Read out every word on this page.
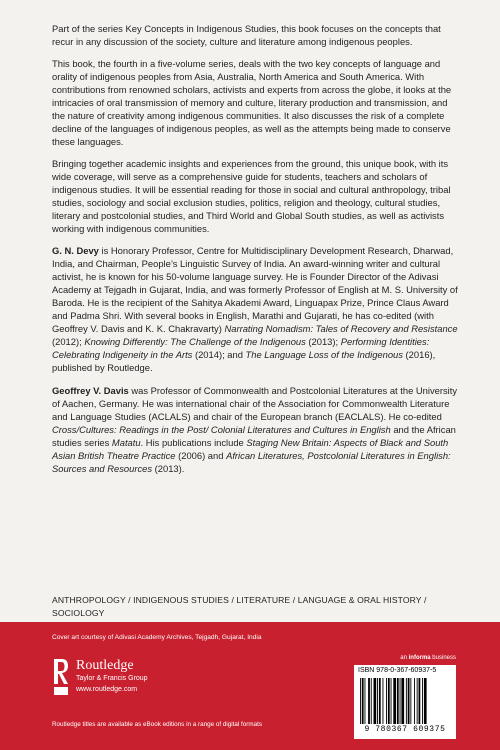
Part of the series Key Concepts in Indigenous Studies, this book focuses on the concepts that recur in any discussion of the society, culture and literature among indigenous peoples.

This book, the fourth in a five-volume series, deals with the two key concepts of language and orality of indigenous peoples from Asia, Australia, North America and South America. With contributions from renowned scholars, activists and experts from across the globe, it looks at the intricacies of oral transmission of memory and culture, literary production and transmission, and the nature of creativity among indigenous communities. It also discusses the risk of a complete decline of the languages of indigenous peoples, as well as the attempts being made to conserve these languages.

Bringing together academic insights and experiences from the ground, this unique book, with its wide coverage, will serve as a comprehensive guide for students, teachers and scholars of indigenous studies. It will be essential reading for those in social and cultural anthropology, tribal studies, sociology and social exclusion studies, politics, religion and theology, cultural studies, literary and postcolonial studies, and Third World and Global South studies, as well as activists working with indigenous communities.

G. N. Devy is Honorary Professor, Centre for Multidisciplinary Development Research, Dharwad, India, and Chairman, People’s Linguistic Survey of India. An award-winning writer and cultural activist, he is known for his 50-volume language survey. He is Founder Director of the Adivasi Academy at Tejgadh in Gujarat, India, and was formerly Professor of English at M. S. University of Baroda. He is the recipient of the Sahitya Akademi Award, Linguapax Prize, Prince Claus Award and Padma Shri. With several books in English, Marathi and Gujarati, he has co-edited (with Geoffrey V. Davis and K. K. Chakravarty) Narrating Nomadism: Tales of Recovery and Resistance (2012); Knowing Differently: The Challenge of the Indigenous (2013); Performing Identities: Celebrating Indigeneity in the Arts (2014); and The Language Loss of the Indigenous (2016), published by Routledge.

Geoffrey V. Davis was Professor of Commonwealth and Postcolonial Literatures at the University of Aachen, Germany. He was international chair of the Association for Commonwealth Literature and Language Studies (ACLALS) and chair of the European branch (EACLALS). He co-edited Cross/Cultures: Readings in the Post/ Colonial Literatures and Cultures in English and the African studies series Matatu. His publications include Staging New Britain: Aspects of Black and South Asian British Theatre Practice (2006) and African Literatures, Postcolonial Literatures in English: Sources and Resources (2013).

ANTHROPOLOGY / INDIGENOUS STUDIES / LITERATURE / LANGUAGE & ORAL HISTORY / SOCIOLOGY
Cover art courtesy of Adivasi Academy Archives, Tejgadh, Gujarat, India
Routledge
Taylor & Francis Group
www.routledge.com
Routledge titles are available as eBook editions in a range of digital formats
an informa business
ISBN 978-0-367-60937-5
9 780367 609375
